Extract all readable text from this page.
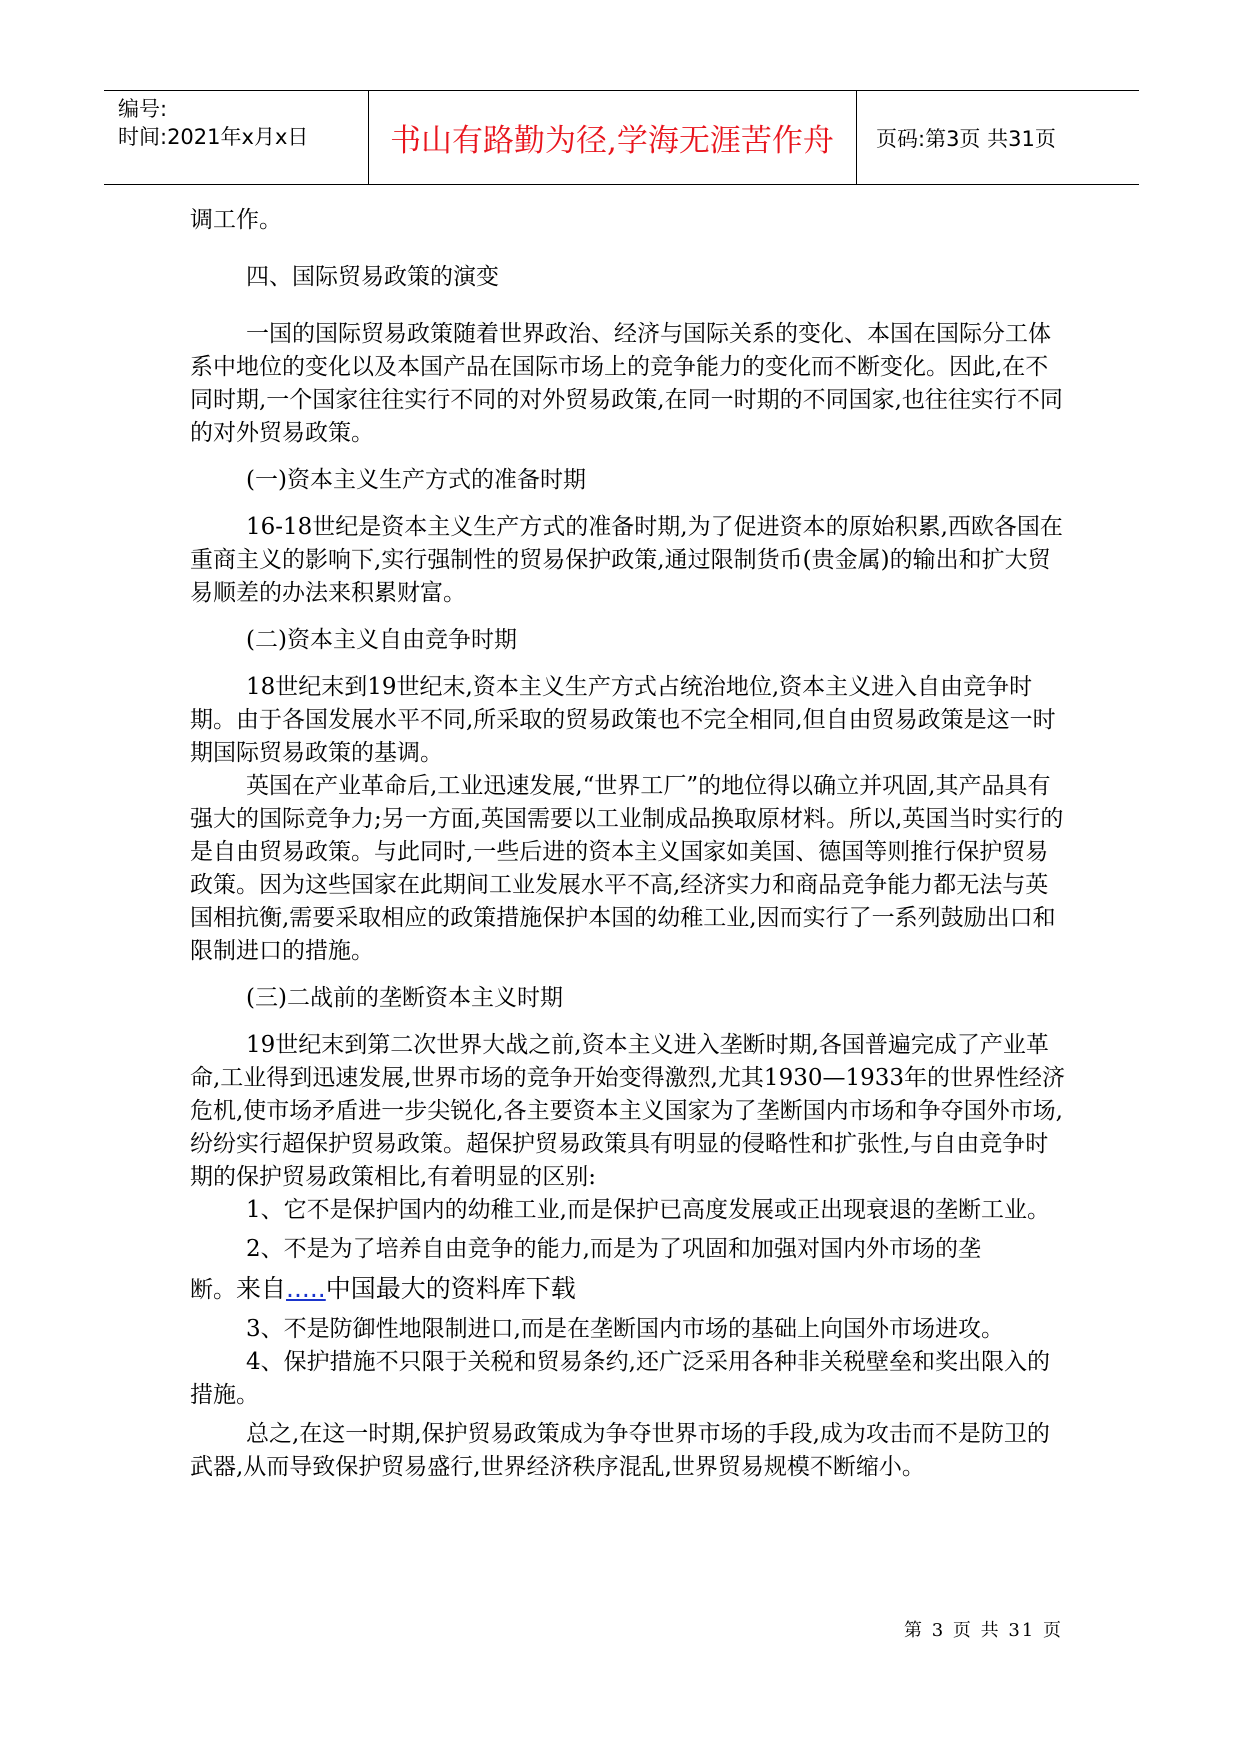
编号:
时间:2021年x月x日	书山有路勤为径,学海无涯苦作舟	页码:第3页 共31页

调工作。

四、国际贸易政策的演变

一国的国际贸易政策随着世界政治、经济与国际关系的变化、本国在国际分工体系中地位的变化以及本国产品在国际市场上的竞争能力的变化而不断变化。因此,在不同时期,一个国家往往实行不同的对外贸易政策,在同一时期的不同国家,也往往实行不同的对外贸易政策。

(一)资本主义生产方式的准备时期

16-18世纪是资本主义生产方式的准备时期,为了促进资本的原始积累,西欧各国在重商主义的影响下,实行强制性的贸易保护政策,通过限制货币(贵金属)的输出和扩大贸易顺差的办法来积累财富。

(二)资本主义自由竞争时期

18世纪末到19世纪末,资本主义生产方式占统治地位,资本主义进入自由竞争时期。由于各国发展水平不同,所采取的贸易政策也不完全相同,但自由贸易政策是这一时期国际贸易政策的基调。

英国在产业革命后,工业迅速发展,“世界工厂”的地位得以确立并巩固,其产品具有强大的国际竞争力;另一方面,英国需要以工业制成品换取原材料。所以,英国当时实行的是自由贸易政策。与此同时,一些后进的资本主义国家如美国、德国等则推行保护贸易政策。因为这些国家在此期间工业发展水平不高,经济实力和商品竞争能力都无法与英国相抗衡,需要采取相应的政策措施保护本国的幼稚工业,因而实行了一系列鼓励出口和限制进口的措施。

(三)二战前的垄断资本主义时期

19世纪末到第二次世界大战之前,资本主义进入垄断时期,各国普遍完成了产业革命,工业得到迅速发展,世界市场的竞争开始变得激烈,尤其1930—1933年的世界性经济危机,使市场矛盾进一步尖锐化,各主要资本主义国家为了垄断国内市场和争夺国外市场,纷纷实行超保护贸易政策。超保护贸易政策具有明显的侵略性和扩张性,与自由竞争时期的保护贸易政策相比,有着明显的区别:

1、它不是保护国内的幼稚工业,而是保护已高度发展或正出现衰退的垄断工业。

2、不是为了培养自由竞争的能力,而是为了巩固和加强对国内外市场的垄

断。来自.....中国最大的资料库下载

3、不是防御性地限制进口,而是在垄断国内市场的基础上向国外市场进攻。

4、保护措施不只限于关税和贸易条约,还广泛采用各种非关税壁垒和奖出限入的措施。

总之,在这一时期,保护贸易政策成为争夺世界市场的手段,成为攻击而不是防卫的武器,从而导致保护贸易盛行,世界经济秩序混乱,世界贸易规模不断缩小。

第 3 页 共 31 页
